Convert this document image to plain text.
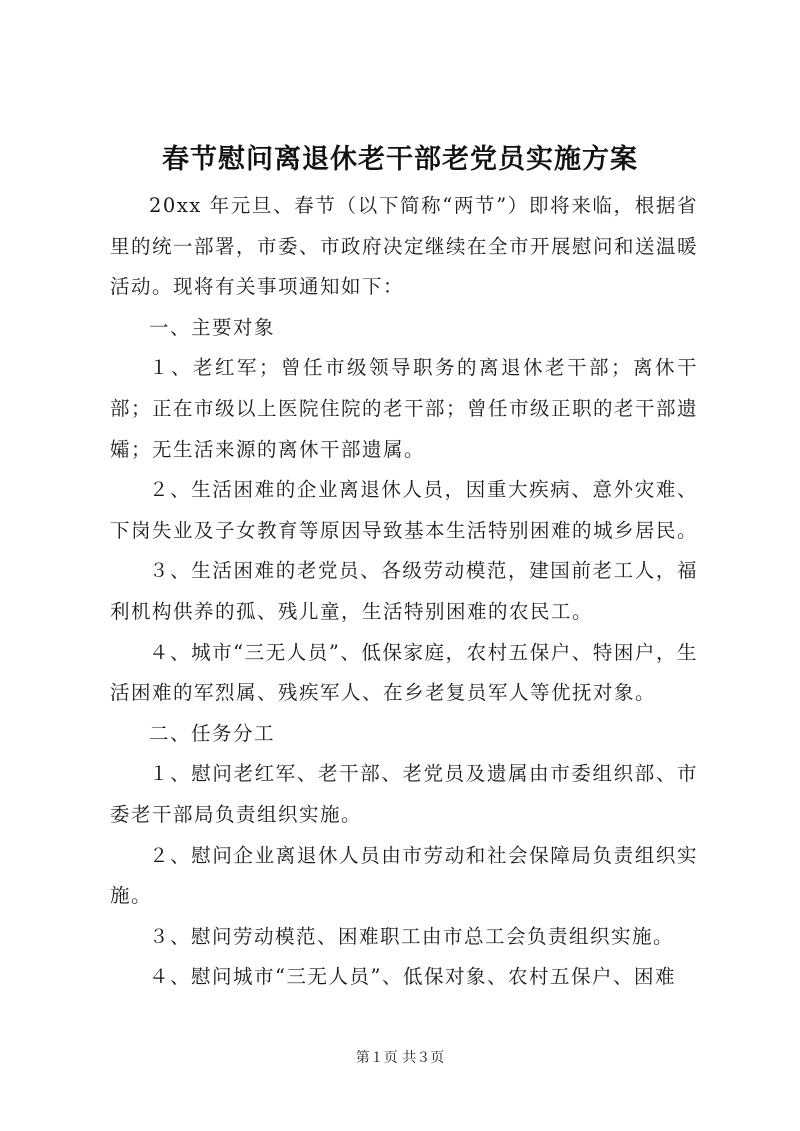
春节慰问离退休老干部老党员实施方案

20xx 年元旦、春节（以下简称“两节”）即将来临，根据省里的统一部署，市委、市政府决定继续在全市开展慰问和送温暖活动。现将有关事项通知如下：

一、主要对象

１、老红军；曾任市级领导职务的离退休老干部；离休干部；正在市级以上医院住院的老干部；曾任市级正职的老干部遗孀；无生活来源的离休干部遗属。

２、生活困难的企业离退休人员，因重大疾病、意外灾难、下岗失业及子女教育等原因导致基本生活特别困难的城乡居民。

３、生活困难的老党员、各级劳动模范，建国前老工人，福利机构供养的孤、残儿童，生活特别困难的农民工。

４、城市“三无人员”、低保家庭，农村五保户、特困户，生活困难的军烈属、残疾军人、在乡老复员军人等优抚对象。

二、任务分工

１、慰问老红军、老干部、老党员及遗属由市委组织部、市委老干部局负责组织实施。

２、慰问企业离退休人员由市劳动和社会保障局负责组织实施。

３、慰问劳动模范、困难职工由市总工会负责组织实施。

４、慰问城市“三无人员”、低保对象、农村五保户、困难

第１页 共３页
